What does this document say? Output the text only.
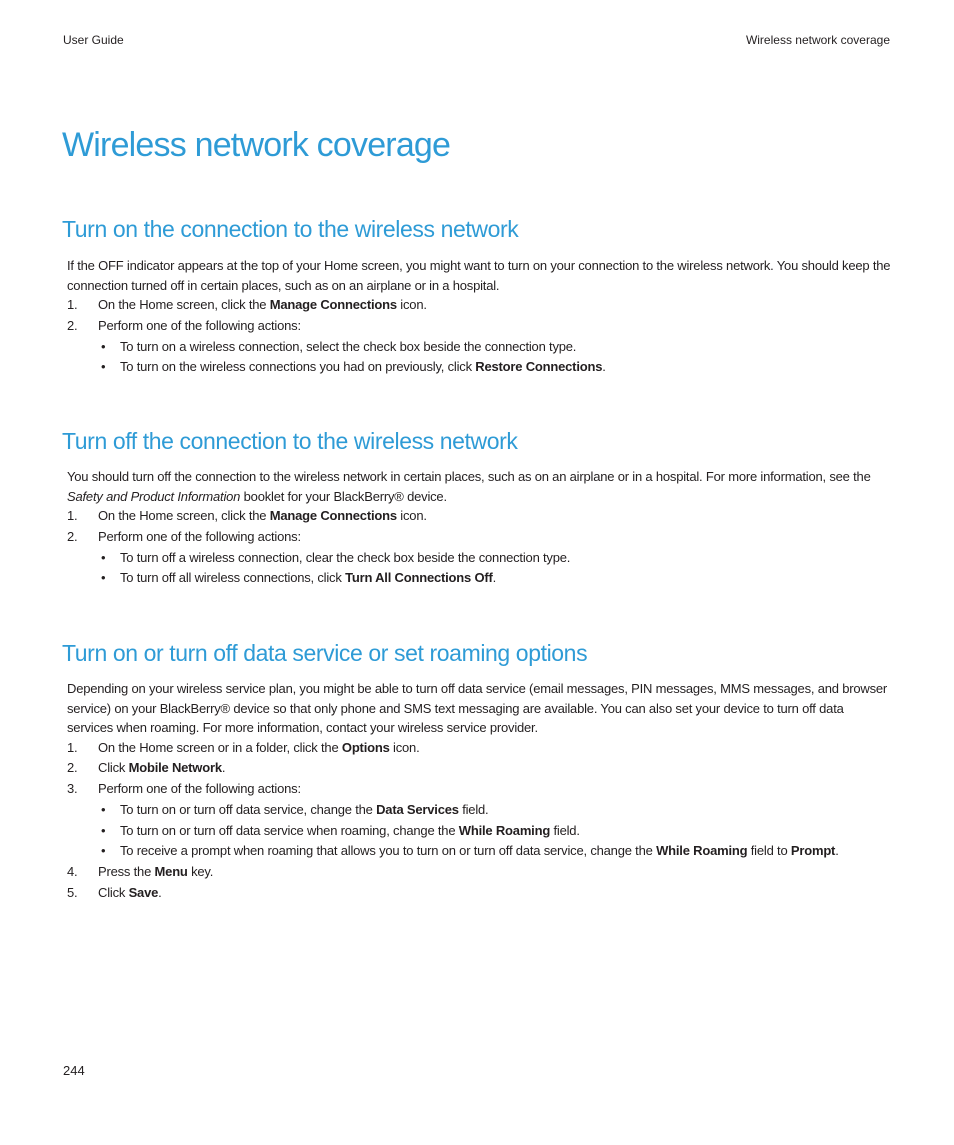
User Guide	Wireless network coverage
Wireless network coverage
Turn on the connection to the wireless network

If the OFF indicator appears at the top of your Home screen, you might want to turn on your connection to the wireless network. You should keep the connection turned off in certain places, such as on an airplane or in a hospital.

1. On the Home screen, click the Manage Connections icon.
2. Perform one of the following actions:
• To turn on a wireless connection, select the check box beside the connection type.
• To turn on the wireless connections you had on previously, click Restore Connections.
Turn off the connection to the wireless network

You should turn off the connection to the wireless network in certain places, such as on an airplane or in a hospital. For more information, see the Safety and Product Information booklet for your BlackBerry® device.

1. On the Home screen, click the Manage Connections icon.
2. Perform one of the following actions:
• To turn off a wireless connection, clear the check box beside the connection type.
• To turn off all wireless connections, click Turn All Connections Off.
Turn on or turn off data service or set roaming options

Depending on your wireless service plan, you might be able to turn off data service (email messages, PIN messages, MMS messages, and browser service) on your BlackBerry® device so that only phone and SMS text messaging are available. You can also set your device to turn off data services when roaming. For more information, contact your wireless service provider.

1. On the Home screen or in a folder, click the Options icon.
2. Click Mobile Network.
3. Perform one of the following actions:
• To turn on or turn off data service, change the Data Services field.
• To turn on or turn off data service when roaming, change the While Roaming field.
• To receive a prompt when roaming that allows you to turn on or turn off data service, change the While Roaming field to Prompt.
4. Press the Menu key.
5. Click Save.
244
